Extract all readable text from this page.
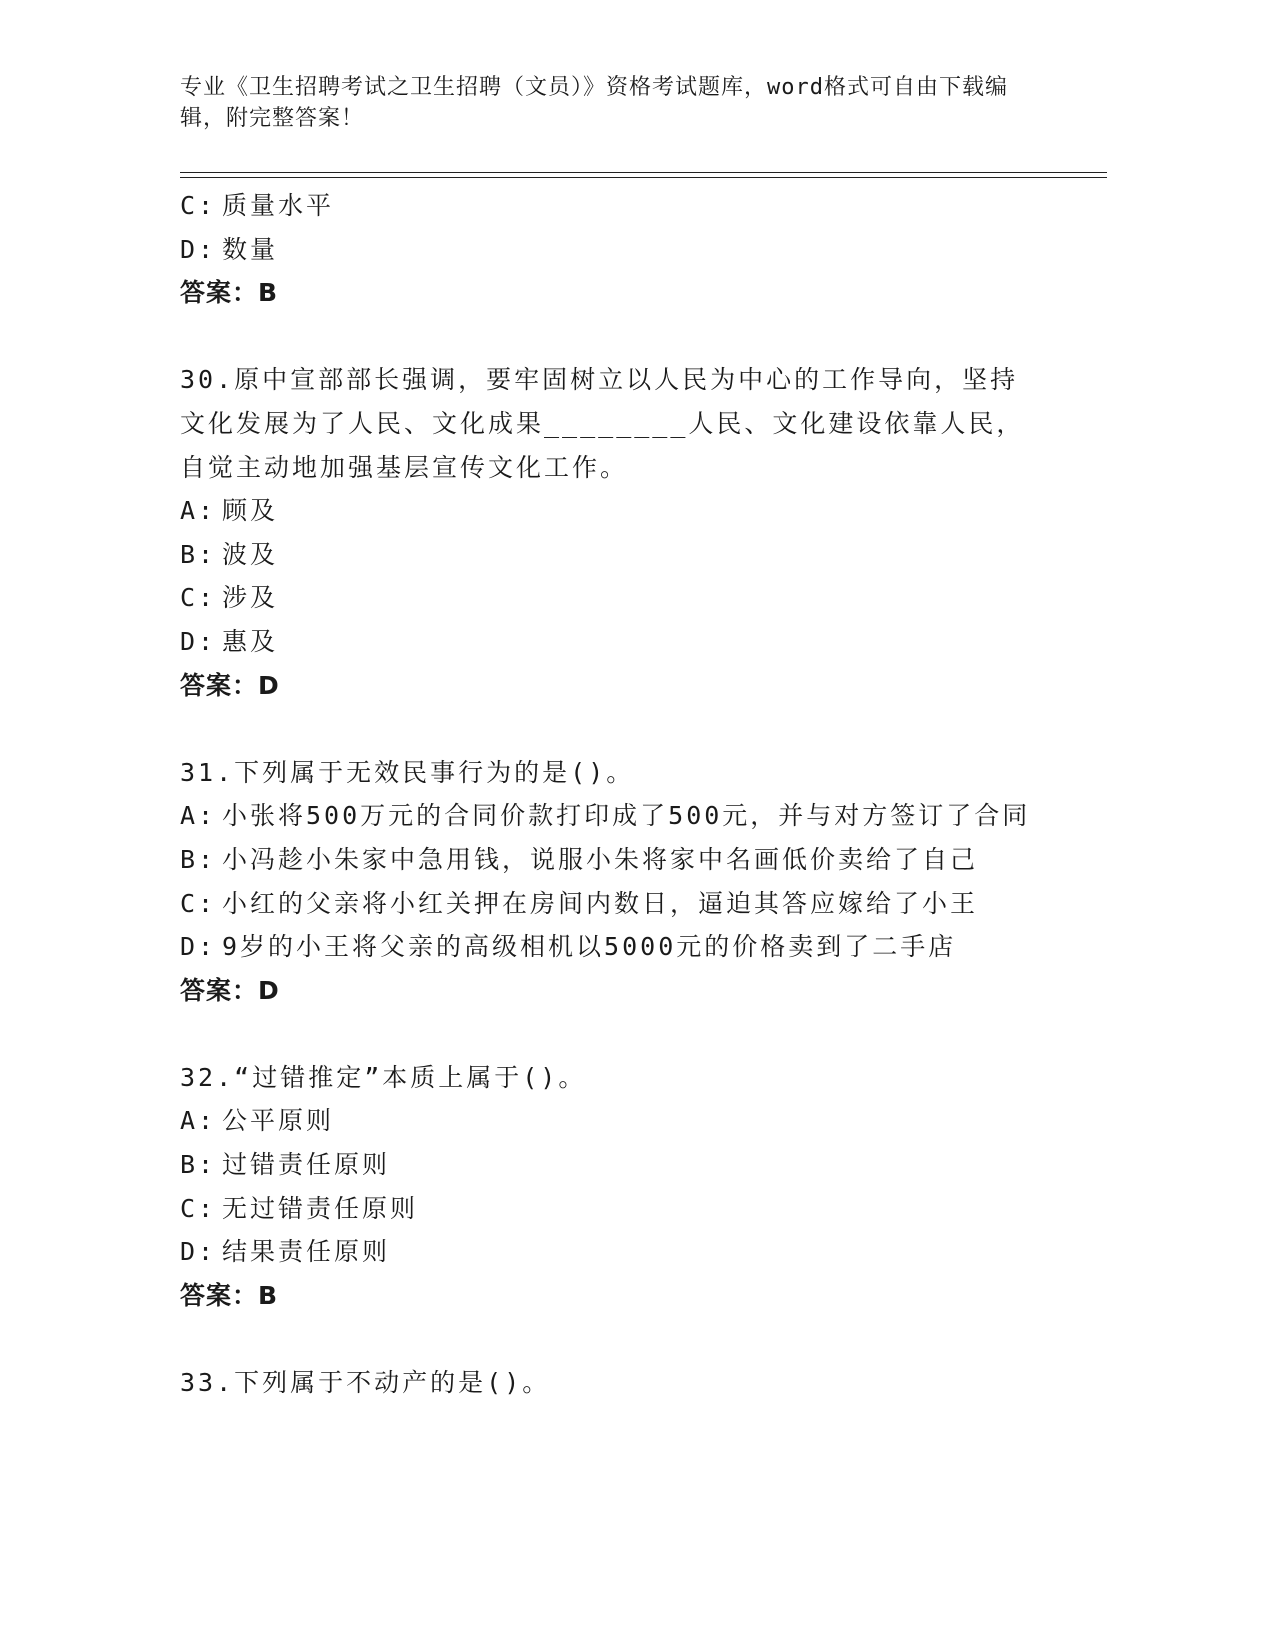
专业《卫生招聘考试之卫生招聘（文员）》资格考试题库，word格式可自由下载编辑，附完整答案！
C: 质量水平
D: 数量
答案：B
30.原中宣部部长强调，要牢固树立以人民为中心的工作导向，坚持文化发展为了人民、文化成果________人民、文化建设依靠人民，自觉主动地加强基层宣传文化工作。
A: 顾及
B: 波及
C: 涉及
D: 惠及
答案：D
31.下列属于无效民事行为的是()。
A: 小张将500万元的合同价款打印成了500元，并与对方签订了合同
B: 小冯趁小朱家中急用钱，说服小朱将家中名画低价卖给了自己
C: 小红的父亲将小红关押在房间内数日，逼迫其答应嫁给了小王
D: 9岁的小王将父亲的高级相机以5000元的价格卖到了二手店
答案：D
32.“过错推定”本质上属于()。
A: 公平原则
B: 过错责任原则
C: 无过错责任原则
D: 结果责任原则
答案：B
33.下列属于不动产的是()。
